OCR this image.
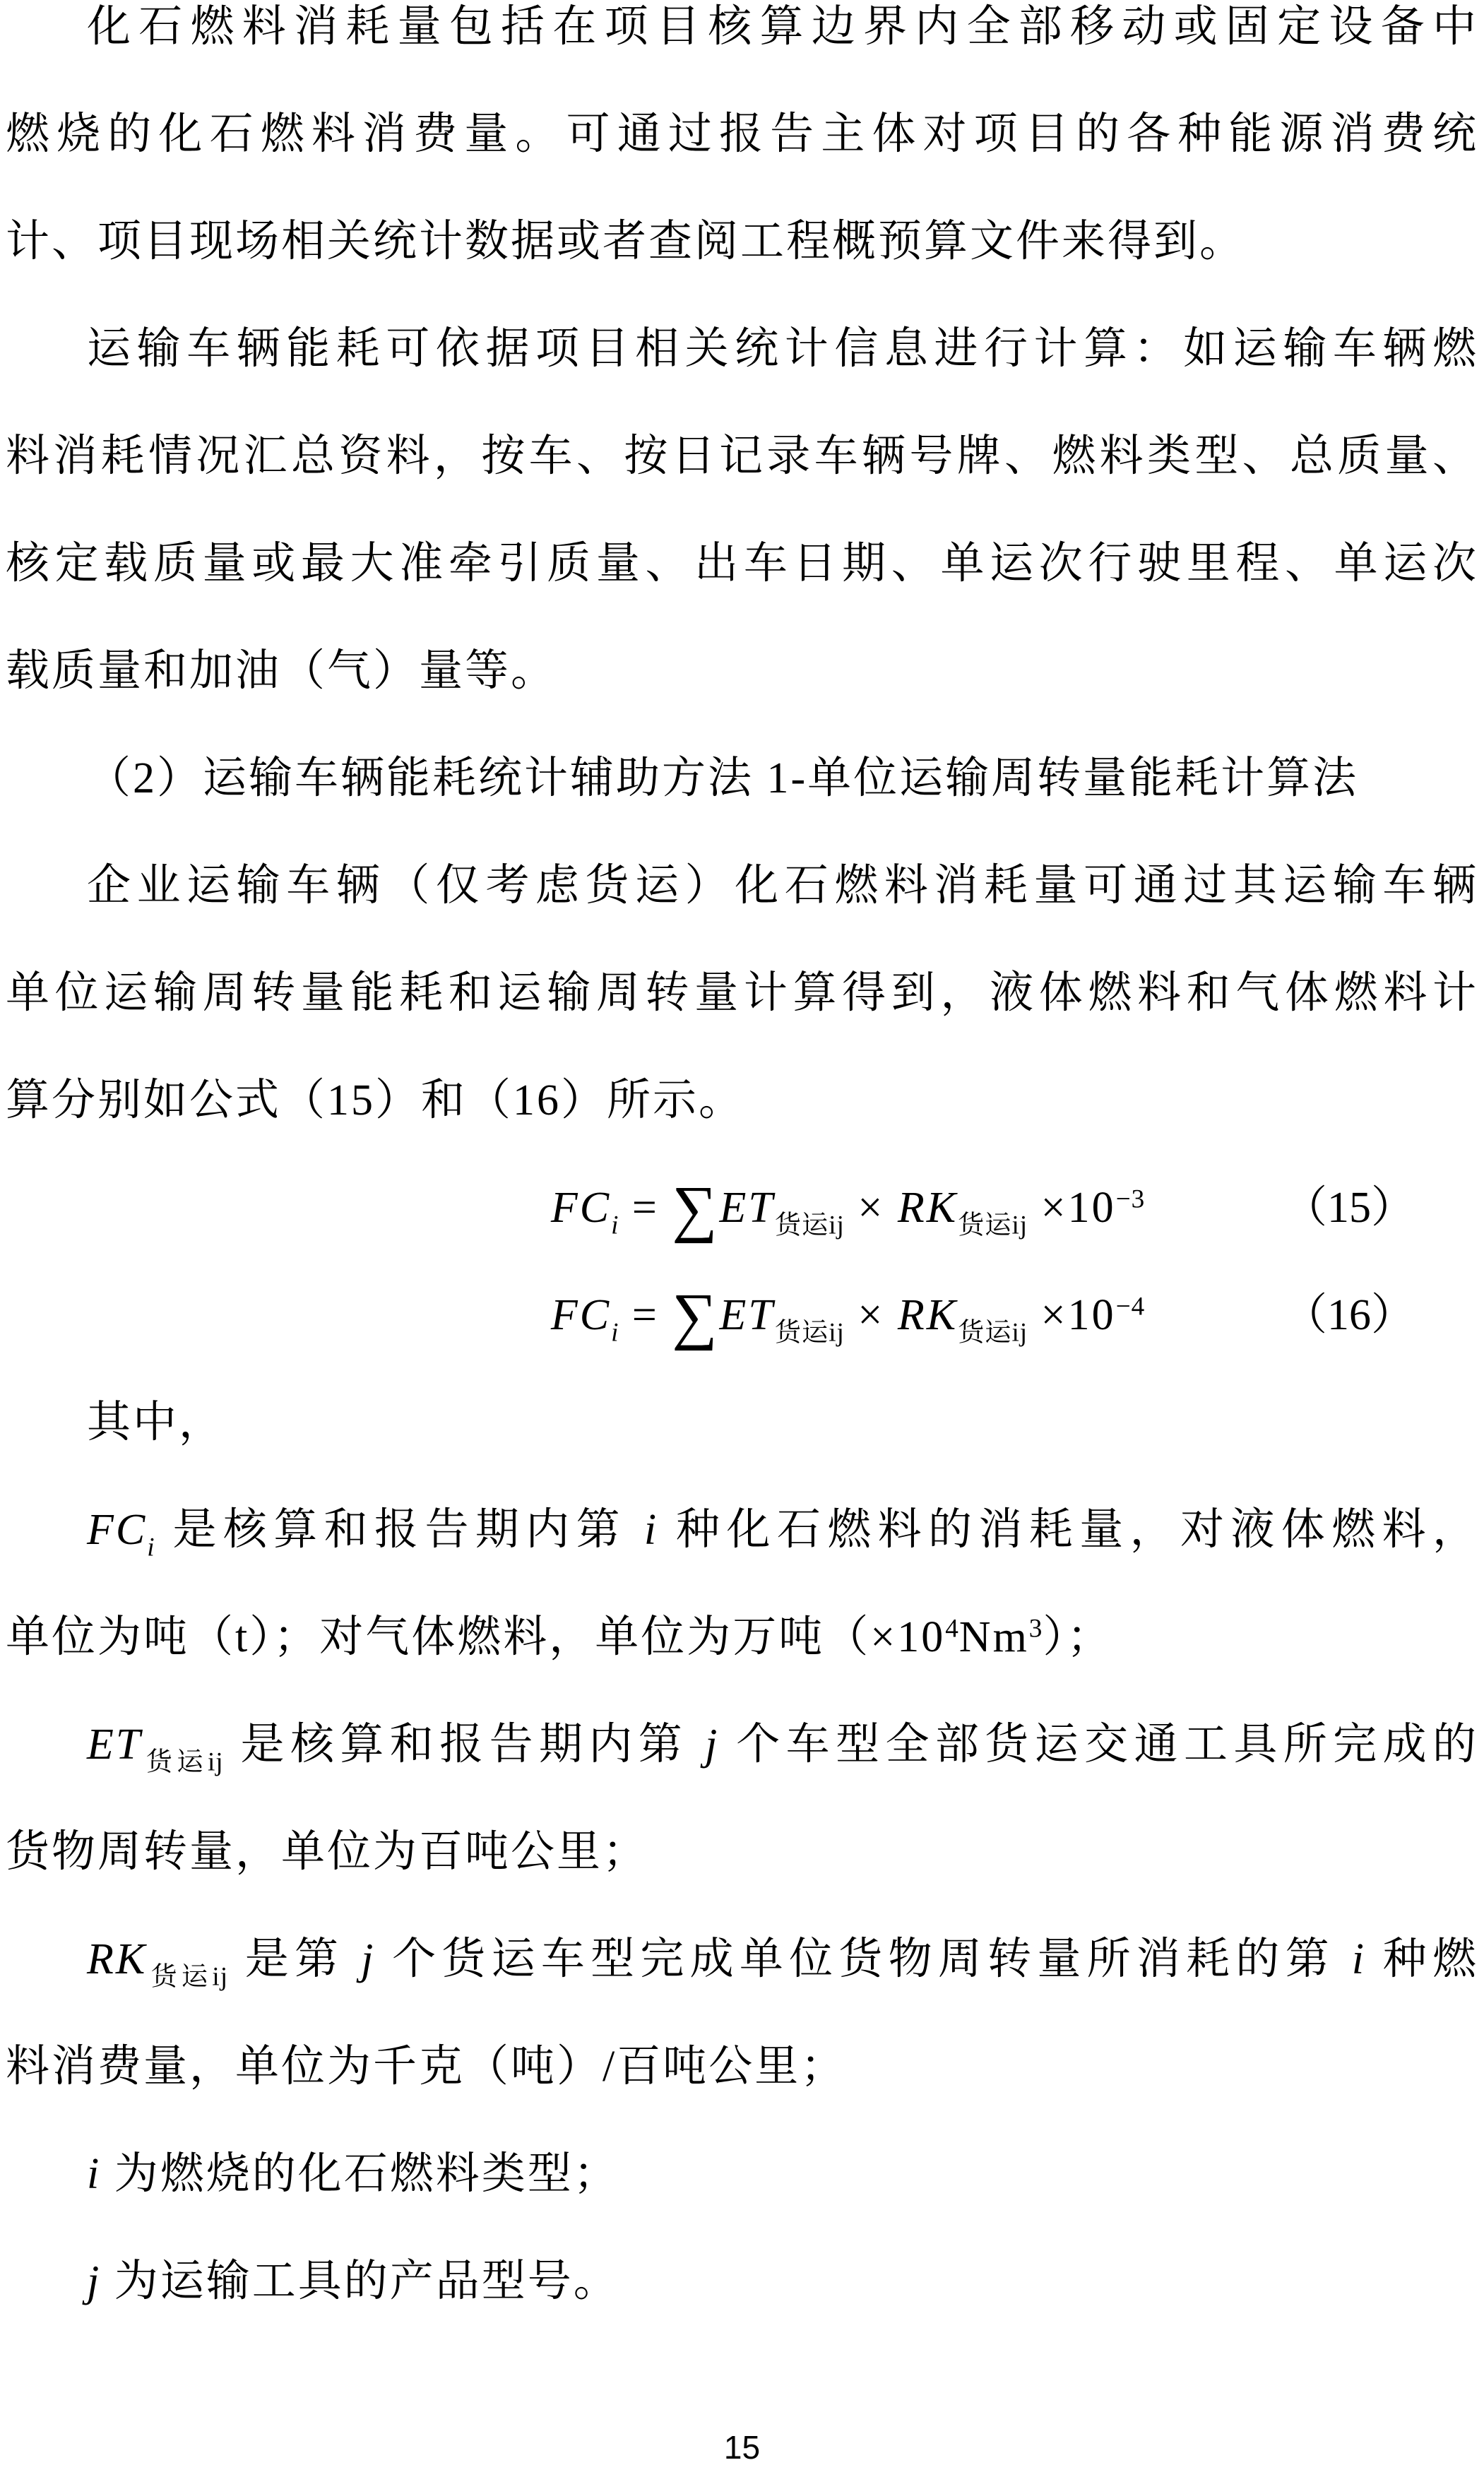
化石燃料消耗量包括在项目核算边界内全部移动或固定设备中
燃烧的化石燃料消费量。可通过报告主体对项目的各种能源消费统
计、项目现场相关统计数据或者查阅工程概预算文件来得到。
运输车辆能耗可依据项目相关统计信息进行计算：如运输车辆燃
料消耗情况汇总资料，按车、按日记录车辆号牌、燃料类型、总质量、
核定载质量或最大准牵引质量、出车日期、单运次行驶里程、单运次
载质量和加油（气）量等。
（2）运输车辆能耗统计辅助方法 1-单位运输周转量能耗计算法
企业运输车辆（仅考虑货运）化石燃料消耗量可通过其运输车辆
单位运输周转量能耗和运输周转量计算得到，液体燃料和气体燃料计
算分别如公式（15）和（16）所示。
$FC_i = \sum ET_{货运ij} \times RK_{货运ij} \times 10^{-3}$	（15）
$FC_i = \sum ET_{货运ij} \times RK_{货运ij} \times 10^{-4}$	（16）
其中，
$FC_i$ 是核算和报告期内第 i 种化石燃料的消耗量，对液体燃料，
单位为吨（t）；对气体燃料，单位为万吨$(\times 10^4Nm^3)$；
$ET_{货运ij}$ 是核算和报告期内第 j 个车型全部货运交通工具所完成的
货物周转量，单位为百吨公里；
$RK_{货运ij}$ 是第 j 个货运车型完成单位货物周转量所消耗的第 i 种燃
料消费量，单位为千克（吨）/百吨公里；
i 为燃烧的化石燃料类型；
j 为运输工具的产品型号。
15
